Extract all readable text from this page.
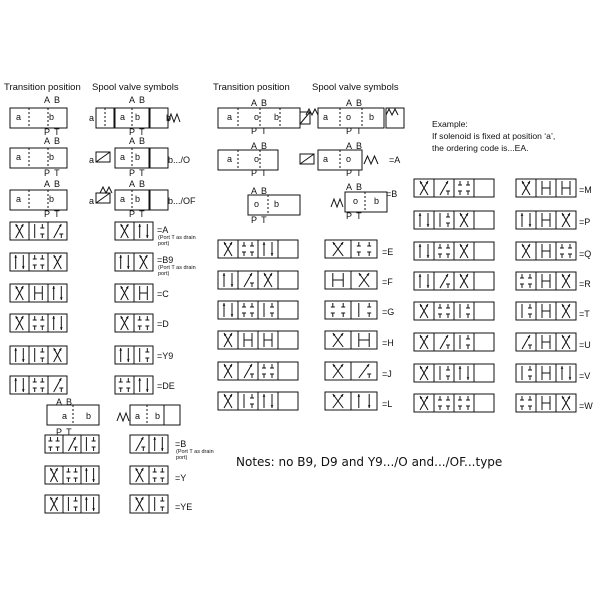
Transition position Spool valve symbols	Transition position Spool valve symbols
Example:
If solenoid is fixed at position ‘a’,
the ordering code is...EA.
Notes: no B9, D9 and Y9.../O and.../OF...type
A B
P T
A B
P T
A B
P T
a	b
a	b
a	b
A B
P T
A B
P T
A B
P T
a	a b	b
a	a b	b.../O
a	a b	b.../OF
=A
(Port T as drain port)
=B9
(Port T as drain port)
=C
=D
=Y9
=DE
A B
a b
P T
a b
=B
(Port T as drain port)
=Y
=YE
A B
a o b
P T
A B
a o
P T
A B
o b
P T
A B
a o b
P T
A B
a o	=A
P T
A B
o b
=B
P T
=E
=F
=G
=H
=J
=L
=M
=P
=Q
=R
=T
=U
=V
=W
